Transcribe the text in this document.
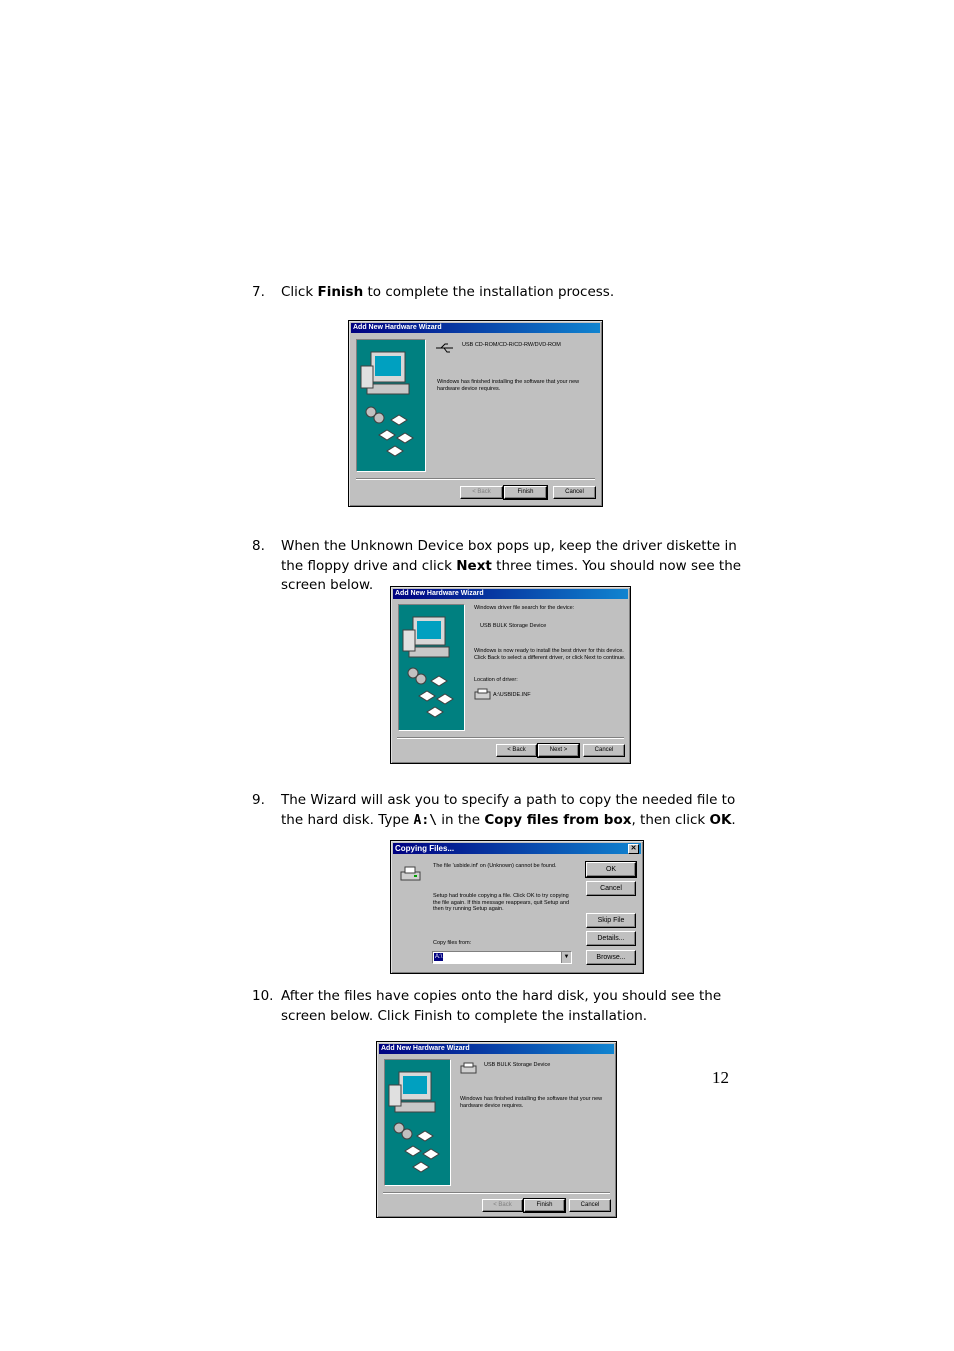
7. Click Finish to complete the installation process.
Add New Hardware Wizard
USB CD-ROM/CD-R/CD-RW/DVD-ROM
Windows has finished installing the software that your new hardware device requires.
< Back	Finish	Cancel
8. When the Unknown Device box pops up, keep the driver diskette in
the floppy drive and click Next three times. You should now see the
screen below.
Add New Hardware Wizard
Windows driver file search for the device:
USB BULK Storage Device
Windows is now ready to install the best driver for this device. Click Back to select a different driver, or click Next to continue.
Location of driver:
A:\USBIDE.INF
< Back	Next >	Cancel
9. The Wizard will ask you to specify a path to copy the needed file to
the hard disk. Type A:\ in the Copy files from box, then click OK.
Copying Files...	✕
The file 'usbide.inf' on (Unknown) cannot be found.
Setup had trouble copying a file. Click OK to try copying the file again. If this message reappears, quit Setup and then try running Setup again.
Copy files from:
A:\	▼
OK
Cancel
Skip File
Details...
Browse...
10. After the files have copies onto the hard disk, you should see the
screen below. Click Finish to complete the installation.
Add New Hardware Wizard
USB BULK Storage Device
Windows has finished installing the software that your new hardware device requires.
< Back	Finish	Cancel
12
